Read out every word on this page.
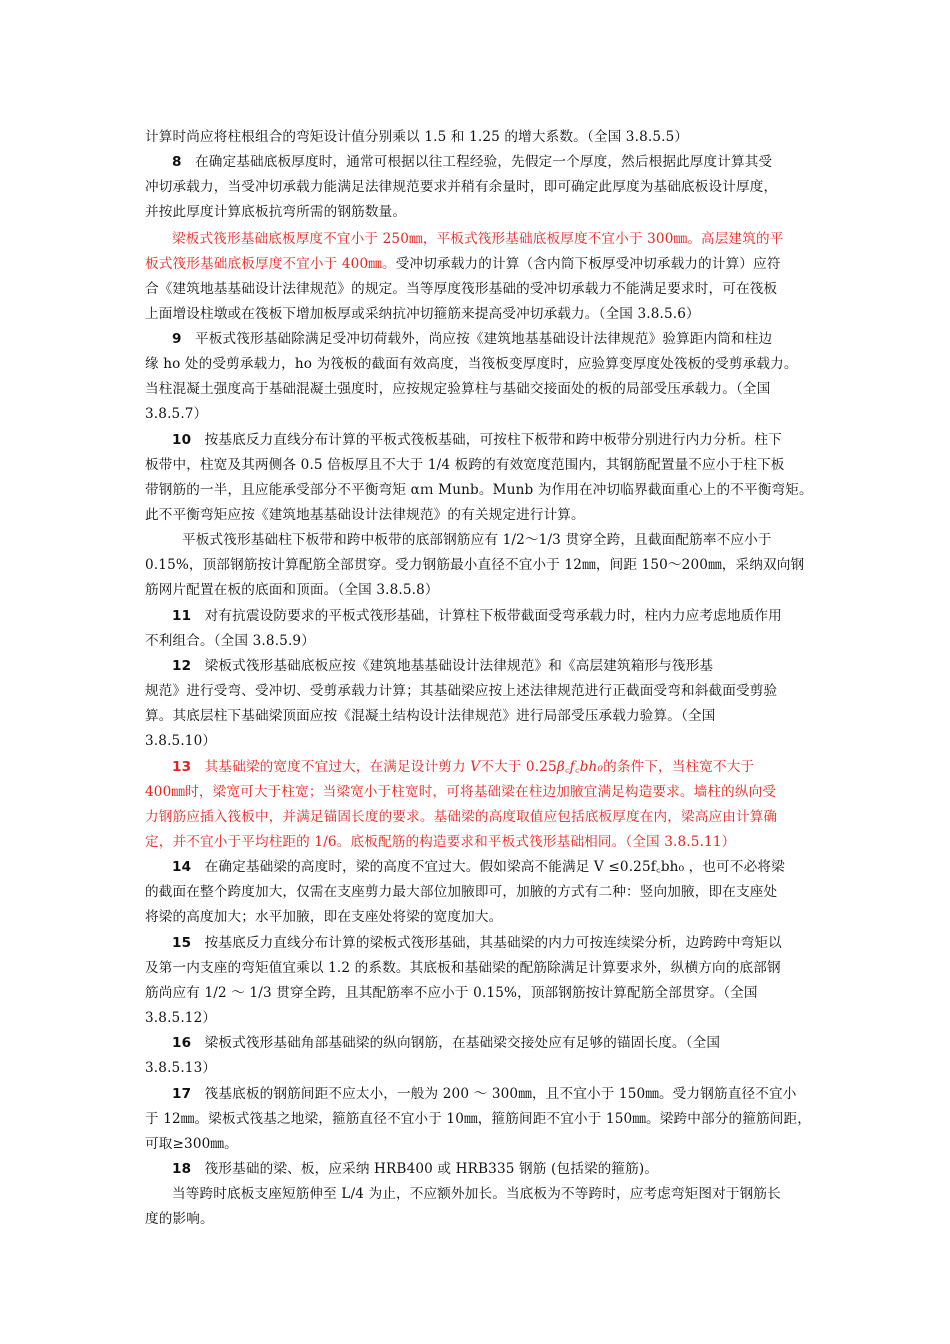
计算时尚应将柱根组合的弯矩设计值分别乘以 1.5 和 1.25 的增大系数。（全国 3.8.5.5）
8 在确定基础底板厚度时，通常可根据以往工程经验，先假定一个厚度，然后根据此厚度计算其受
冲切承载力，当受冲切承载力能满足法律规范要求并稍有余量时，即可确定此厚度为基础底板设计厚度，
并按此厚度计算底板抗弯所需的钢筋数量。
梁板式筏形基础底板厚度不宜小于 250㎜，平板式筏形基础底板厚度不宜小于 300㎜。高层建筑的平
板式筏形基础底板厚度不宜小于 400㎜。受冲切承载力的计算（含内筒下板厚受冲切承载力的计算）应符
合《建筑地基基础设计法律规范》的规定。当等厚度筏形基础的受冲切承载力不能满足要求时，可在筏板
上面增设柱墩或在筏板下增加板厚或采纳抗冲切箍筋来提高受冲切承载力。（全国 3.8.5.6）
9 平板式筏形基础除满足受冲切荷载外，尚应按《建筑地基基础设计法律规范》验算距内筒和柱边
缘 ho 处的受剪承载力，ho 为筏板的截面有效高度，当筏板变厚度时，应验算变厚度处筏板的受剪承载力。
当柱混凝土强度高于基础混凝土强度时，应按规定验算柱与基础交接面处的板的局部受压承载力。（全国
3.8.5.7）
10 按基底反力直线分布计算的平板式筏板基础，可按柱下板带和跨中板带分别进行内力分析。柱下
板带中，柱宽及其两侧各 0.5 倍板厚且不大于 1/4 板跨的有效宽度范围内，其钢筋配置量不应小于柱下板
带钢筋的一半，且应能承受部分不平衡弯矩 αｍ Munb。Munb 为作用在冲切临界截面重心上的不平衡弯矩。
此不平衡弯矩应按《建筑地基基础设计法律规范》的有关规定进行计算。
平板式筏形基础柱下板带和跨中板带的底部钢筋应有 1/2～1/3 贯穿全跨，且截面配筋率不应小于
0.15%，顶部钢筋按计算配筋全部贯穿。受力钢筋最小直径不宜小于 12㎜，间距 150～200㎜，采纳双向钢
筋网片配置在板的底面和顶面。（全国 3.8.5.8）
11 对有抗震设防要求的平板式筏形基础，计算柱下板带截面受弯承载力时，柱内力应考虑地质作用
不利组合。（全国 3.8.5.9）
12 梁板式筏形基础底板应按《建筑地基基础设计法律规范》和《高层建筑箱形与筏形基
规范》进行受弯、受冲切、受剪承载力计算；其基础梁应按上述法律规范进行正截面受弯和斜截面受剪验
算。其底层柱下基础梁顶面应按《混凝土结构设计法律规范》进行局部受压承载力验算。（全国
3.8.5.10）
13 其基础梁的宽度不宜过大，在满足设计剪力 V不大于 0.25β꜀f꜀bh₀的条件下，当柱宽不大于
400㎜时，梁宽可大于柱宽；当梁宽小于柱宽时，可将基础梁在柱边加腋宜满足构造要求。墙柱的纵向受
力钢筋应插入筏板中，并满足锚固长度的要求。基础梁的高度取值应包括底板厚度在内，梁高应由计算确
定，并不宜小于平均柱距的 1/6。底板配筋的构造要求和平板式筏形基础相同。（全国 3.8.5.11）
14 在确定基础梁的高度时，梁的高度不宜过大。假如梁高不能满足 V ≤0.25f꜀bh₀ ，也可不必将梁
的截面在整个跨度加大，仅需在支座剪力最大部位加腋即可，加腋的方式有二种：竖向加腋，即在支座处
将梁的高度加大；水平加腋，即在支座处将梁的宽度加大。
15 按基底反力直线分布计算的梁板式筏形基础，其基础梁的内力可按连续梁分析，边跨跨中弯矩以
及第一内支座的弯矩值宜乘以 1.2 的系数。其底板和基础梁的配筋除满足计算要求外，纵横方向的底部钢
筋尚应有 1/2 ～ 1/3 贯穿全跨，且其配筋率不应小于 0.15%，顶部钢筋按计算配筋全部贯穿。（全国
3.8.5.12）
16 梁板式筏形基础角部基础梁的纵向钢筋，在基础梁交接处应有足够的锚固长度。（全国
3.8.5.13）
17 筏基底板的钢筋间距不应太小，一般为 200 ～ 300㎜，且不宜小于 150㎜。受力钢筋直径不宜小
于 12㎜。梁板式筏基之地梁，箍筋直径不宜小于 10㎜，箍筋间距不宜小于 150㎜。梁跨中部分的箍筋间距，
可取≥300㎜。
18 筏形基础的梁、板，应采纳 HRB400 或 HRB335 钢筋 (包括梁的箍筋)。
当等跨时底板支座短筋伸至 L/4 为止，不应额外加长。当底板为不等跨时，应考虑弯矩图对于钢筋长
度的影响。
